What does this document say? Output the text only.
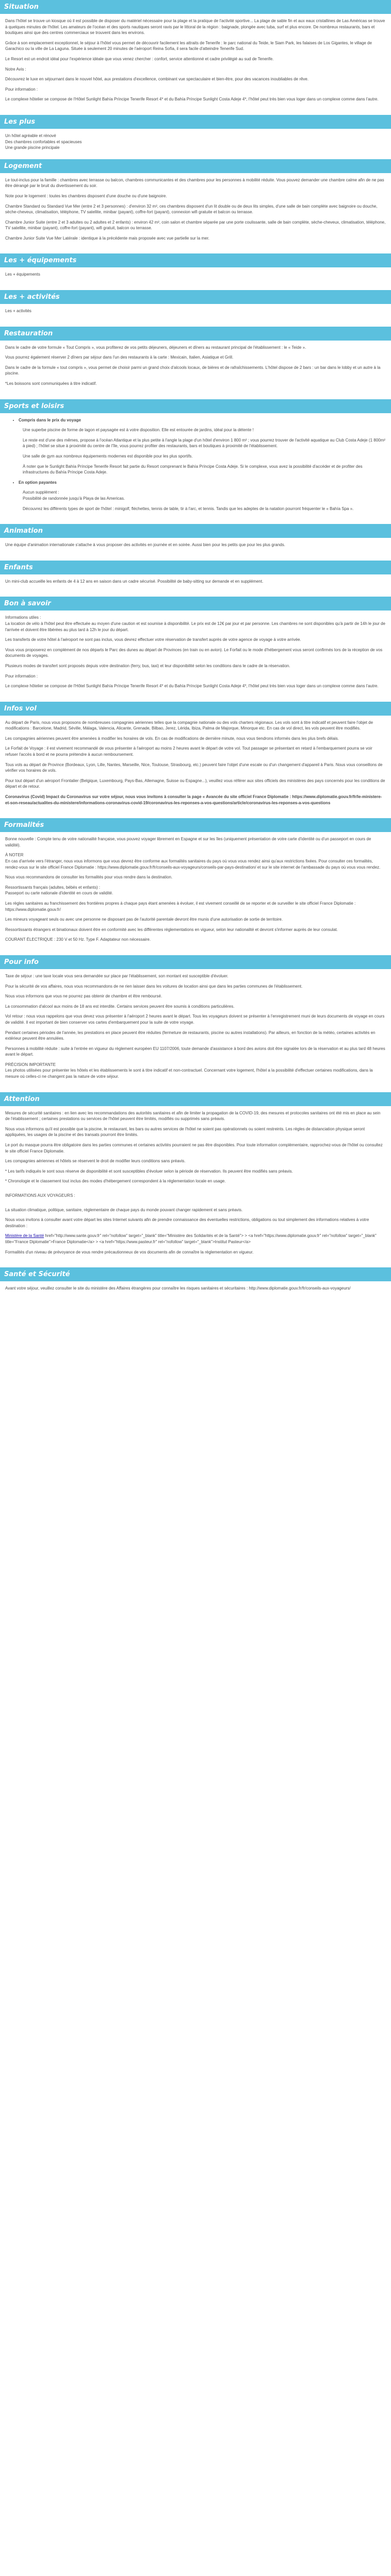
Situation

Dans l'hôtel se trouve un kiosque où il est possible de disposer du matériel nécessaire pour la plage et la pratique de l'activité sportive... La plage de sable fin et aux eaux cristallines de Las Américas se trouve à quelques minutes de l'hôtel. Les amateurs de l'océan et des sports nautiques seront ravis par le littoral de la région : baignade, plongée avec tuba, surf et plus encore. De nombreux restaurants, bars et boutiques ainsi que des centres commerciaux se trouvent dans les environs.

Grâce à son emplacement exceptionnel, le séjour à l'hôtel vous permet de découvrir facilement les attraits de Tenerife : le parc national du Teide, le Siam Park, les falaises de Los Gigantes, le village de Garachico ou la ville de La Laguna. Située à seulement 20 minutes de l'aéroport Reina Sofía, il sera facile d'atteindre Tenerife Sud.

Le Resort est un endroit idéal pour l'expérience idéale que vous venez chercher : confort, service attentionné et cadre privilégié au sud de Tenerife.

Notre Avis :

Découvrez le luxe en séjournant dans le nouvel hôtel, aux prestations d'excellence, combinant vue spectaculaire et bien-être, pour des vacances inoubliables de rêve.

Pour information :

Le complexe hôtelier se compose de l'Hôtel Sunlight Bahía Príncipe Tenerife Resort 4* et du Bahía Príncipe Sunlight Costa Adeje 4*, l'hôtel peut très bien vous loger dans un complexe comme dans l'autre.

Les plus

Un hôtel agréable et rénové

Des chambres confortables et spacieuses

Une grande piscine principale

Logement

Le tout-inclus pour la famille : chambres avec terrasse ou balcon, chambres communicantes et des chambres pour les personnes à mobilité réduite. Vous pouvez demander une chambre calme afin de ne pas être dérangé par le bruit du divertissement du soir.

Note pour le logement : toutes les chambres disposent d'une douche ou d'une baignoire.

Chambre Standard ou Standard Vue Mer (entre 2 et 3 personnes) : d'environ 32 m², ces chambres disposent d'un lit double ou de deux lits simples, d'une salle de bain complète avec baignoire ou douche, sèche-cheveux, climatisation, téléphone, TV satellite, minibar (payant), coffre-fort (payant), connexion wifi gratuite et balcon ou terrasse.

Chambre Junior Suite (entre 2 et 3 adultes ou 2 adultes et 2 enfants) : environ 42 m², coin salon et chambre séparée par une porte coulissante, salle de bain complète, sèche-cheveux, climatisation, téléphone, TV satellite, minibar (payant), coffre-fort (payant), wifi gratuit, balcon ou terrasse.

Chambre Junior Suite Vue Mer Latérale : identique à la précédente mais proposée avec vue partielle sur la mer.

Les + équipements

Les + équipements

Les + activités

Les + activités

Restauration

Dans le cadre de votre formule « Tout Compris », vous profiterez de vos petits déjeuners, déjeuners et dîners au restaurant principal de l'établissement : le « Teide ».

Vous pourrez également réserver 2 dîners par séjour dans l'un des restaurants à la carte : Mexicain, Italien, Asiatique et Grill.

Dans le cadre de la formule « tout compris », vous permet de choisir parmi un grand choix d'alcools locaux, de bières et de rafraîchissements. L'hôtel dispose de 2 bars : un bar dans le lobby et un autre à la piscine.

*Les boissons sont communiquées à titre indicatif.

Sports et loisirs
• Compris dans le prix du voyage

Une superbe piscine de forme de lagon et paysagée est à votre disposition. Elle est entourée de jardins, idéal pour la détente !

Le reste est d'une des mêmes, propose à l'océan Atlantique et la plus petite à l'angle la plage d'un hôtel d'environ 1 800 m² ; vous pourrez trouver de l'activité aquatique au Club Costa Adeje (1 800m² à pied) ; l'hôtel se situe à proximité du centre de l'île, vous pourrez profiter des restaurants, bars et boutiques à proximité de l'établissement.

Une salle de gym aux nombreux équipements modernes est disponible pour les plus sportifs.

À noter que le Sunlight Bahía Príncipe Tenerife Resort fait partie du Resort comprenant le Bahía Príncipe Costa Adeje. Si le complexe, vous avez la possibilité d'accéder et de profiter des infrastructures du Bahía Príncipe Costa Adeje.

• En option payantes

Aucun supplément :

Possibilité de randonnée jusqu'à Playa de las Americas.

Découvrez les différents types de sport de l'hôtel : minigolf, fléchettes, tennis de table, tir à l'arc, et tennis. Tandis que les adeptes de la natation pourront fréquenter le « Bahía Spa ».

Animation

Une équipe d'animation internationale s'attache à vous proposer des activités en journée et en soirée. Aussi bien pour les petits que pour les plus grands.

Enfants

Un mini-club accueille les enfants de 4 à 12 ans en saison dans un cadre sécurisé. Possibilité de baby-sitting sur demande et en supplément.

Bon à savoir

Informations utiles :

La location de vélo à l'hôtel peut être effectuée au moyen d'une caution et est soumise à disponibilité. Le prix est de 12€ par jour et par personne. Les chambres ne sont disponibles qu'à partir de 14h le jour de l'arrivée et doivent être libérées au plus tard à 12h le jour du départ.

Les transferts de votre hôtel à l'aéroport ne sont pas inclus, vous devrez effectuer votre réservation de transfert auprès de votre agence de voyage à votre arrivée.

Vous vous proposerez en complément de nos départs le Parc des dunes au départ de Provinces (en train ou en avion). Le Forfait ou le mode d'hébergement vous seront confirmés lors de la réception de vos documents de voyages.

Plusieurs modes de transfert sont proposés depuis votre destination (ferry, bus, taxi) et leur disponibilité selon les conditions dans le cadre de la réservation.

Pour information :

Le complexe hôtelier se compose de l'Hôtel Sunlight Bahía Príncipe Tenerife Resort 4* et du Bahía Príncipe Sunlight Costa Adeje 4*, l'hôtel peut très bien vous loger dans un complexe comme dans l'autre.

Infos vol

Au départ de Paris, nous vous proposons de nombreuses compagnies aériennes telles que la compagnie nationale ou des vols charters régionaux. Les vols sont à titre indicatif et peuvent faire l'objet de modifications : Barcelone, Madrid, Séville, Málaga, Valencia, Alicante, Grenade, Bilbao, Jerez, Lérida, Ibiza, Palma de Majorque, Minorque etc. En cas de vol direct, les vols peuvent être modifiés.

Les compagnies aériennes peuvent être amenées à modifier les horaires de vols. En cas de modifications de dernière minute, nous vous tiendrons informés dans les plus brefs délais.

Le Forfait de Voyage : il est vivement recommandé de vous présenter à l'aéroport au moins 2 heures avant le départ de votre vol. Tout passager se présentant en retard à l'embarquement pourra se voir refuser l'accès à bord et ne pourra prétendre à aucun remboursement.

Tous vols au départ de Province (Bordeaux, Lyon, Lille, Nantes, Marseille, Nice, Toulouse, Strasbourg, etc.) peuvent faire l'objet d'une escale ou d'un changement d'appareil à Paris. Nous vous conseillons de vérifier vos horaires de vols.

Pour tout départ d'un aéroport Frontalier (Belgique, Luxembourg, Pays-Bas, Allemagne, Suisse ou Espagne...), veuillez vous référer aux sites officiels des ministères des pays concernés pour les conditions de départ et de retour.

Coronavirus (Covid) Impact du Coronavirus sur votre séjour, nous vous invitons à consulter la page « Avancée du site officiel France Diplomatie : https://www.diplomatie.gouv.fr/fr/le-ministere-et-son-reseau/actualites-du-ministere/informations-coronavirus-covid-19/coronavirus-les-reponses-a-vos-questions/article/coronavirus-les-reponses-a-vos-questions

Formalités

Bonne nouvelle : Compte tenu de votre nationalité française, vous pouvez voyager librement en Espagne et sur les îles (uniquement présentation de votre carte d'identité ou d'un passeport en cours de validité).

À NOTER

En cas d'arrivée vers l'étranger, nous vous informons que vous devrez être conforme aux formalités sanitaires du pays où vous vous rendez ainsi qu'aux restrictions fixées. Pour consulter ces formalités, rendez-vous sur le site officiel France Diplomatie : https://www.diplomatie.gouv.fr/fr/conseils-aux-voyageurs/conseils-par-pays-destination/ et sur le site internet de l'ambassade du pays où vous vous rendez.

Nous vous recommandons de consulter les formalités pour vous rendre dans la destination.

Ressortissants français (adultes, bébés et enfants) :

Passeport ou carte nationale d'identité en cours de validité.

Les règles sanitaires au franchissement des frontières propres à chaque pays étant amenées à évoluer, il est vivement conseillé de se reporter et de surveiller le site officiel France Diplomatie : https://www.diplomatie.gouv.fr/

Les mineurs voyageant seuls ou avec une personne ne disposant pas de l'autorité parentale devront être munis d'une autorisation de sortie de territoire.

Ressortissants étrangers et binationaux doivent être en conformité avec les différentes réglementations en vigueur, selon leur nationalité et devront s'informer auprès de leur consulat.

COURANT ÉLECTRIQUE : 230 V et 50 Hz. Type F. Adaptateur non nécessaire.

Pour info

Taxe de séjour : une taxe locale vous sera demandée sur place par l'établissement, son montant est susceptible d'évoluer.

Pour la sécurité de vos affaires, nous vous recommandons de ne rien laisser dans les voitures de location ainsi que dans les parties communes de l'établissement.

Nous vous informons que vous ne pourrez pas obtenir de chambre et être remboursé.

La consommation d'alcool aux moins de 18 ans est interdite. Certains services peuvent être soumis à conditions particulières.

Vol retour : nous vous rappelons que vous devez vous présenter à l'aéroport 2 heures avant le départ. Tous les voyageurs doivent se présenter à l'enregistrement muni de leurs documents de voyage en cours de validité. Il est important de bien conserver vos cartes d'embarquement pour la suite de votre voyage.

Pendant certaines périodes de l'année, les prestations en place peuvent être réduites (fermeture de restaurants, piscine ou autres installations). Par ailleurs, en fonction de la météo, certaines activités en extérieur peuvent être annulées.

Personnes à mobilité réduite : suite à l'entrée en vigueur du règlement européen EU 1107/2006, toute demande d'assistance à bord des avions doit être signalée lors de la réservation et au plus tard 48 heures avant le départ.

PRÉCISION IMPORTANTE

Les photos utilisées pour présenter les hôtels et les établissements le sont à titre indicatif et non-contractuel. Concernant votre logement, l'hôtel a la possibilité d'effectuer certaines modifications, dans la mesure où celles-ci ne changent pas la nature de votre séjour.

Attention

Mesures de sécurité sanitaires : en lien avec les recommandations des autorités sanitaires et afin de limiter la propagation de la COVID-19, des mesures et protocoles sanitaires ont été mis en place au sein de l'établissement ; certaines prestations ou services de l'hôtel peuvent être limités, modifiés ou supprimés sans préavis.

Nous vous informons qu'il est possible que la piscine, le restaurant, les bars ou autres services de l'hôtel ne soient pas opérationnels ou soient restreints. Les règles de distanciation physique seront appliquées, les usages de la piscine et des transats pourront être limités.

Le port du masque pourra être obligatoire dans les parties communes et certaines activités pourraient ne pas être disponibles. Pour toute information complémentaire, rapprochez-vous de l'hôtel ou consultez le site officiel France Diplomatie.

Les compagnies aériennes et hôtels se réservent le droit de modifier leurs conditions sans préavis.

* Les tarifs indiqués le sont sous réserve de disponibilité et sont susceptibles d'évoluer selon la période de réservation. Ils peuvent être modifiés sans préavis.

* Chronologie et le classement tout inclus des modes d'hébergement correspondent à la réglementation locale en usage.

INFORMATIONS AUX VOYAGEURS :

La situation climatique, politique, sanitaire, réglementaire de chaque pays du monde pouvant changer rapidement et sans préavis.

Nous vous invitons à consulter avant votre départ les sites Internet suivants afin de prendre connaissance des éventuelles restrictions, obligations ou tout simplement des informations relatives à votre destination :

Ministère de la Santé href="http://www.sante.gouv.fr" rel="nofollow" target="_blank" title="Ministère des Solidarités et de la Santé"> > <a href="https://www.diplomatie.gouv.fr" rel="nofollow" target="_blank" title="France Diplomatie">France Diplomatie</a> > <a href="https://www.pasteur.fr" rel="nofollow" target="_blank">Institut Pasteur</a>

Formalités d'un niveau de prévoyance de vous rendre précautionneux de vos documents afin de connaître la réglementation en vigueur.

Santé et Sécurité

Avant votre séjour, veuillez consulter le site du ministère des Affaires étrangères pour connaître les risques sanitaires et sécuritaires : http://www.diplomatie.gouv.fr/fr/conseils-aux-voyageurs/
